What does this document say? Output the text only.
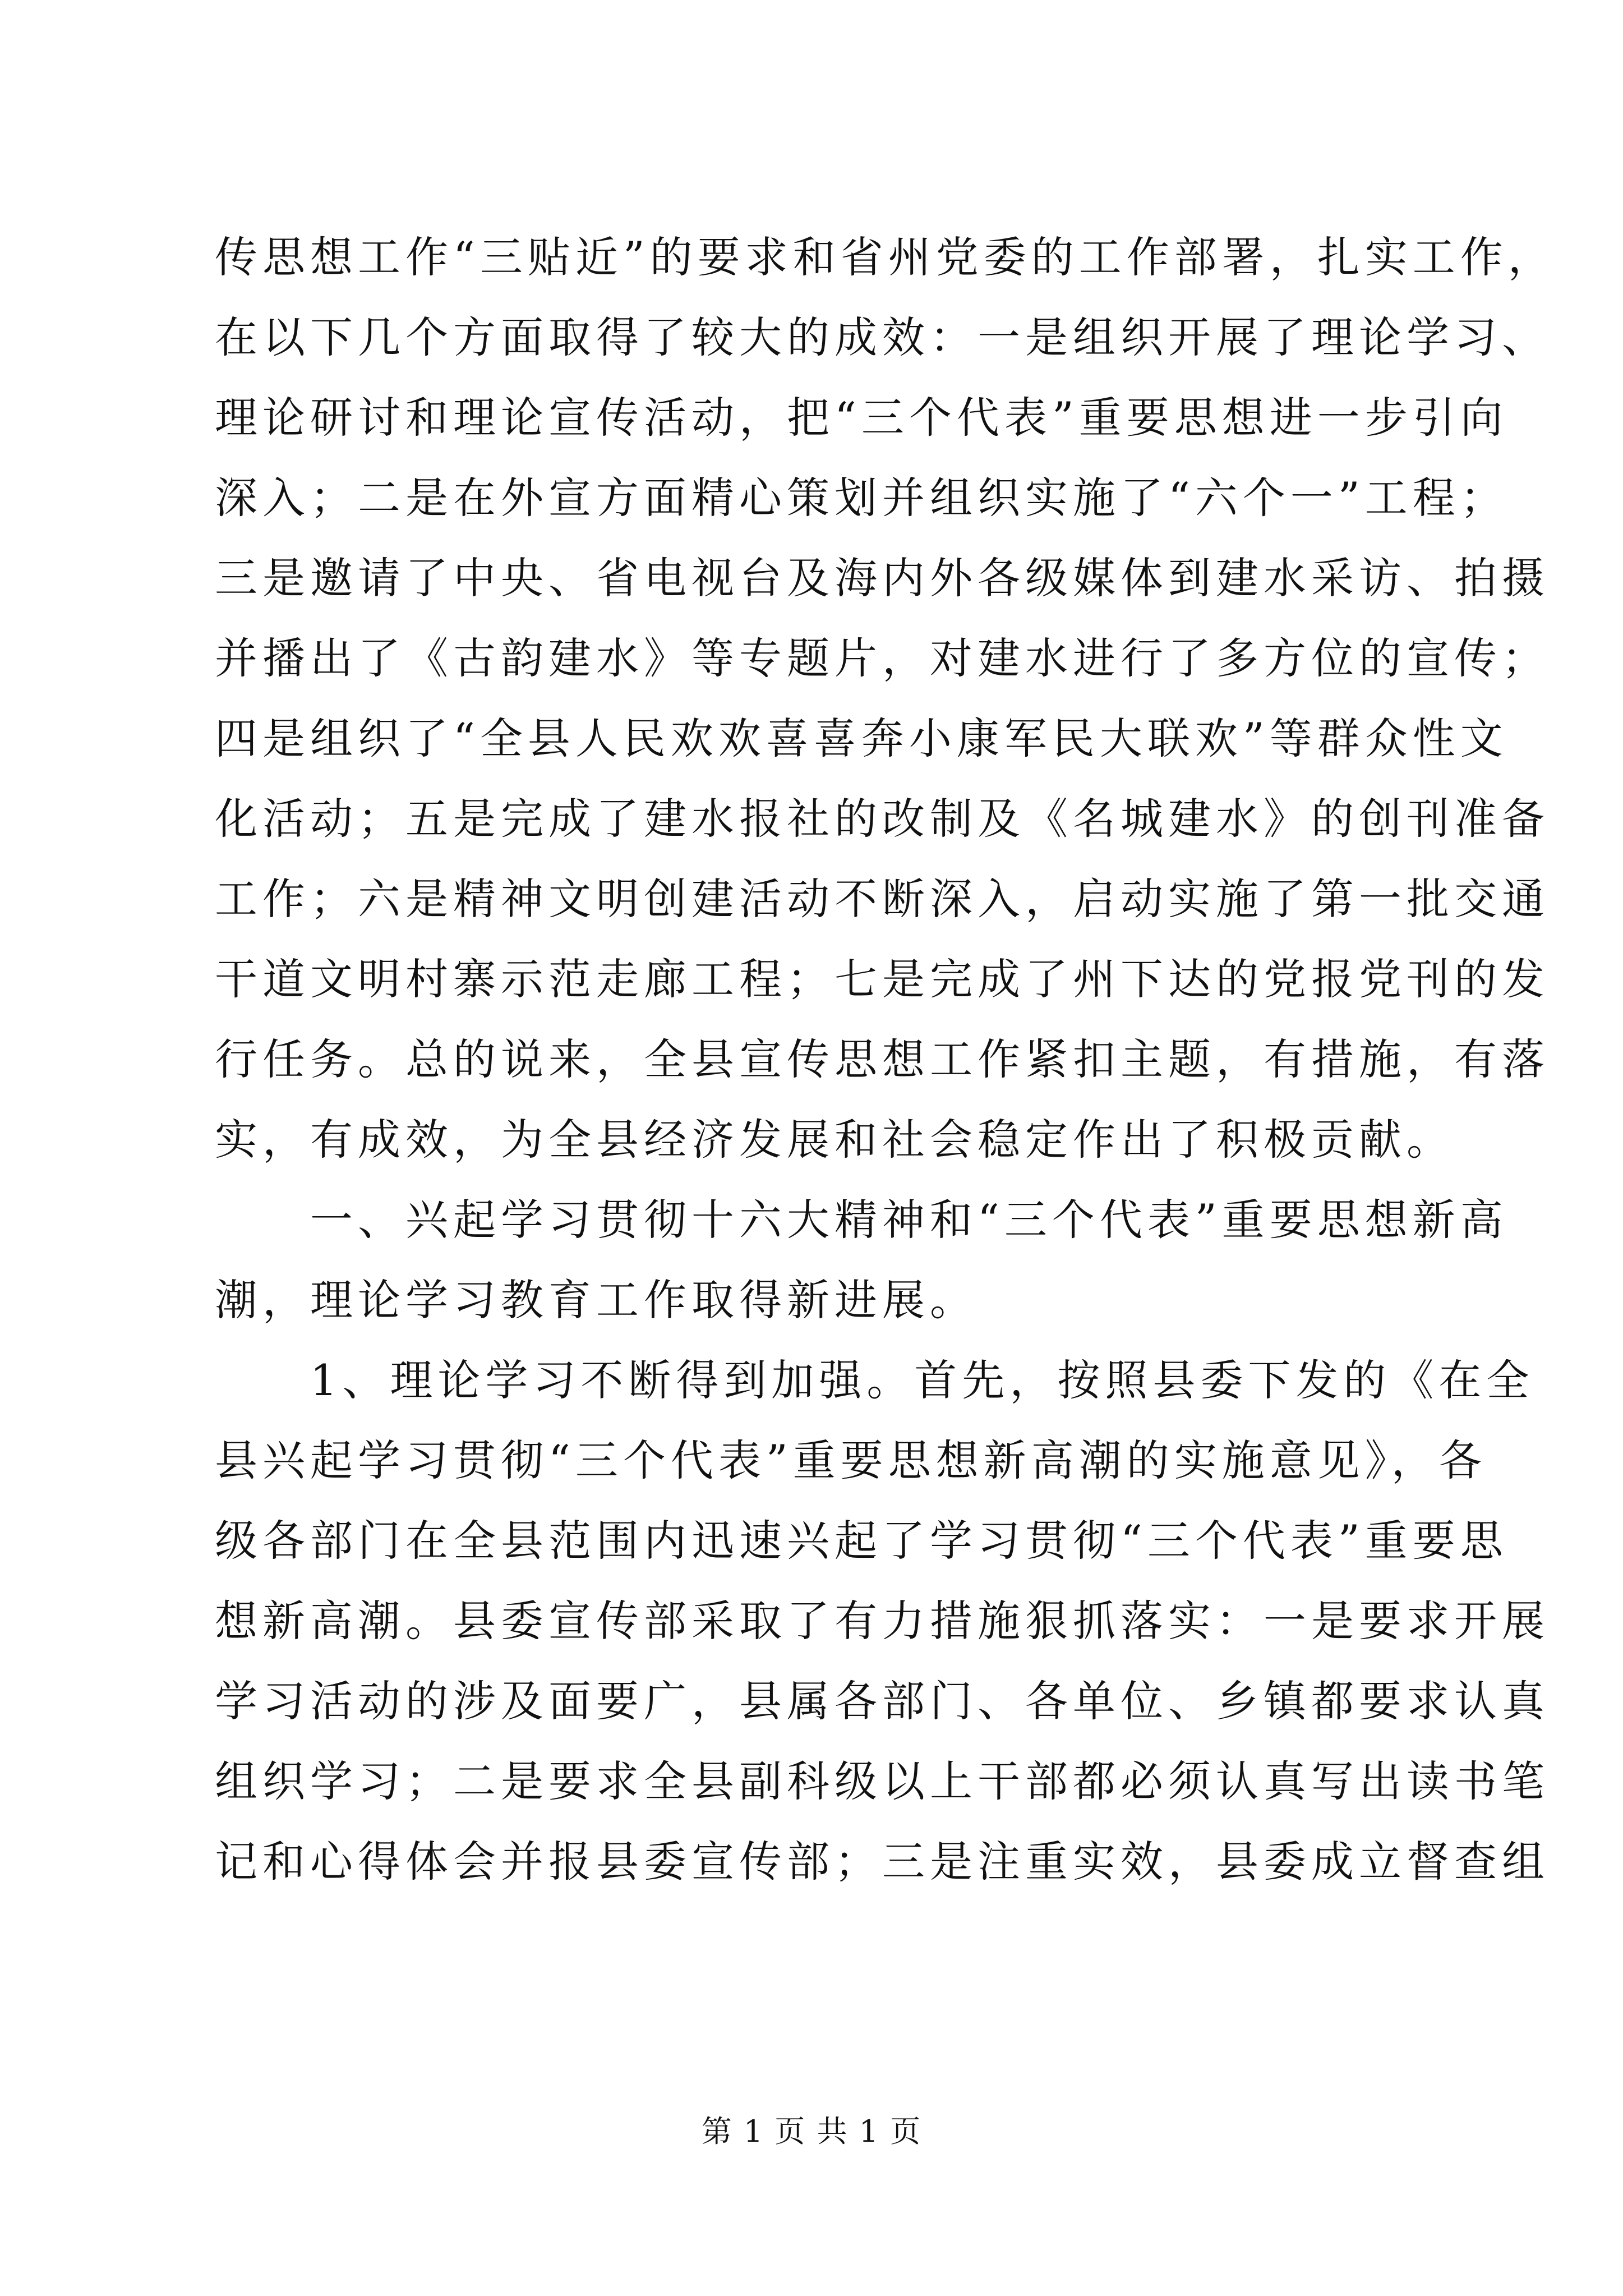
传思想工作“三贴近”的要求和省州党委的工作部署，扎实工作，
在以下几个方面取得了较大的成效：一是组织开展了理论学习、
理论研讨和理论宣传活动，把“三个代表”重要思想进一步引向
深入；二是在外宣方面精心策划并组织实施了“六个一”工程；
三是邀请了中央、省电视台及海内外各级媒体到建水采访、拍摄
并播出了《古韵建水》等专题片，对建水进行了多方位的宣传；
四是组织了“全县人民欢欢喜喜奔小康军民大联欢”等群众性文
化活动；五是完成了建水报社的改制及《名城建水》的创刊准备
工作；六是精神文明创建活动不断深入，启动实施了第一批交通
干道文明村寨示范走廊工程；七是完成了州下达的党报党刊的发
行任务。总的说来，全县宣传思想工作紧扣主题，有措施，有落
实，有成效，为全县经济发展和社会稳定作出了积极贡献。
　　一、兴起学习贯彻十六大精神和“三个代表”重要思想新高
潮，理论学习教育工作取得新进展。
　　1、理论学习不断得到加强。首先，按照县委下发的《在全
县兴起学习贯彻“三个代表”重要思想新高潮的实施意见》，各
级各部门在全县范围内迅速兴起了学习贯彻“三个代表”重要思
想新高潮。县委宣传部采取了有力措施狠抓落实：一是要求开展
学习活动的涉及面要广，县属各部门、各单位、乡镇都要求认真
组织学习；二是要求全县副科级以上干部都必须认真写出读书笔
记和心得体会并报县委宣传部；三是注重实效，县委成立督查组
第 1 页 共 1 页
